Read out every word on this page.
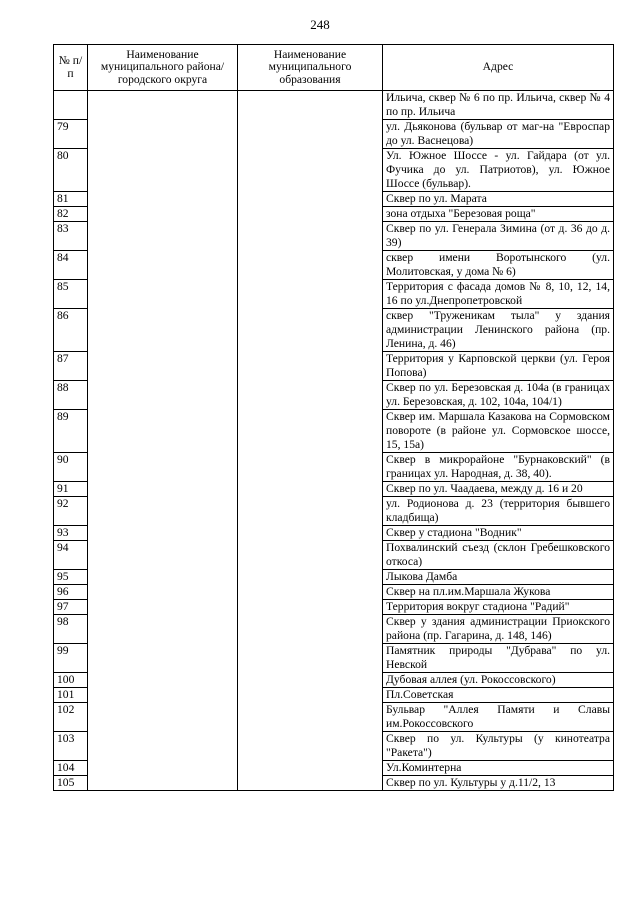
248
№ п/п	Наименование муниципального района/ городского округа	Наименование муниципального образования	Адрес
			Ильича, сквер № 6 по пр. Ильича, сквер № 4 по пр. Ильича
79			ул. Дьяконова (бульвар от маг-на "Евроспар до ул. Васнецова)
80			Ул. Южное Шоссе - ул. Гайдара (от ул. Фучика до ул. Патриотов), ул. Южное Шоссе (бульвар).
81			Сквер по ул. Марата
82			зона отдыха "Березовая роща"
83			Сквер по ул. Генерала Зимина (от д. 36 до д. 39)
84			сквер имени Воротынского (ул. Молитовская, у дома № 6)
85			Территория с фасада домов № 8, 10, 12, 14, 16 по ул.Днепропетровской
86			сквер "Труженикам тыла" у здания администрации Ленинского района (пр. Ленина, д. 46)
87			Территория у Карповской церкви (ул. Героя Попова)
88			Сквер по ул. Березовская д. 104а (в границах ул. Березовская, д. 102, 104а, 104/1)
89			Сквер им. Маршала Казакова на Сормовском повороте (в районе ул. Сормовское шоссе, 15, 15а)
90			Сквер в микрорайоне "Бурнаковский" (в границах ул. Народная, д. 38, 40).
91			Сквер по ул. Чаадаева, между д. 16 и 20
92			ул. Родионова д. 23 (территория бывшего кладбища)
93			Сквер у стадиона "Водник"
94			Похвалинский съезд (склон Гребешковского откоса)
95			Лыкова Дамба
96			Сквер на пл.им.Маршала Жукова
97			Территория вокруг стадиона "Радий"
98			Сквер у здания администрации Приокского района (пр. Гагарина, д. 148, 146)
99			Памятник природы "Дубрава" по ул. Невской
100			Дубовая аллея (ул. Рокоссовского)
101			Пл.Советская
102			Бульвар "Аллея Памяти и Славы им.Рокоссовского
103			Сквер по ул. Культуры (у кинотеатра "Ракета")
104			Ул.Коминтерна
105			Сквер по ул. Культуры у д.11/2, 13
